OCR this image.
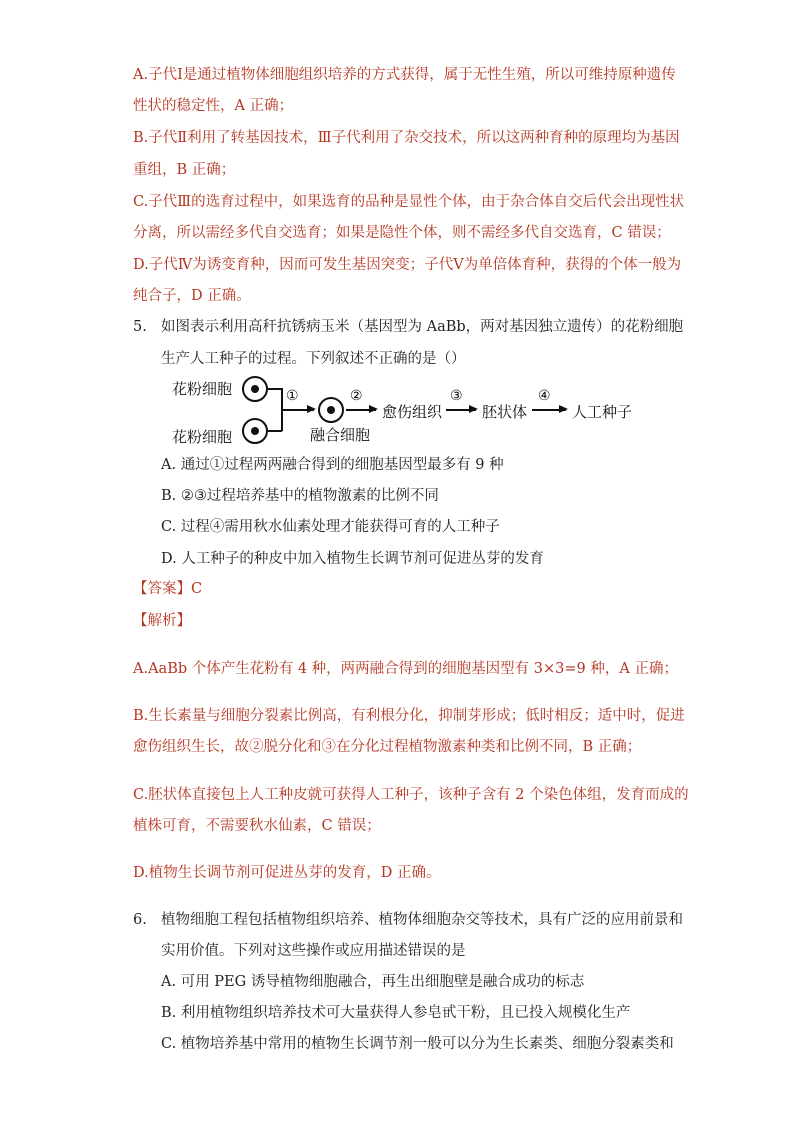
A.子代Ⅰ是通过植物体细胞组织培养的方式获得，属于无性生殖，所以可维持原种遗传
性状的稳定性，A 正确；
B.子代Ⅱ利用了转基因技术，Ⅲ子代利用了杂交技术，所以这两种育种的原理均为基因
重组，B 正确；
C.子代Ⅲ的选育过程中，如果选育的品种是显性个体，由于杂合体自交后代会出现性状
分离，所以需经多代自交选育；如果是隐性个体，则不需经多代自交选育，C 错误；
D.子代Ⅳ为诱变育种，因而可发生基因突变；子代Ⅴ为单倍体育种，获得的个体一般为
纯合子，D 正确。
5. 如图表示利用高秆抗锈病玉米（基因型为 AaBb，两对基因独立遗传）的花粉细胞
生产人工种子的过程。下列叙述不正确的是（）
花粉细胞
花粉细胞
①
融合细胞
②
愈伤组织
③
胚状体
④
人工种子
A. 通过①过程两两融合得到的细胞基因型最多有 9 种
B. ②③过程培养基中的植物激素的比例不同
C. 过程④需用秋水仙素处理才能获得可育的人工种子
D. 人工种子的种皮中加入植物生长调节剂可促进丛芽的发育
【答案】C
【解析】
A.AaBb 个体产生花粉有 4 种，两两融合得到的细胞基因型有 3×3=9 种，A 正确；
B.生长素量与细胞分裂素比例高，有利根分化，抑制芽形成；低时相反；适中时，促进
愈伤组织生长，故②脱分化和③在分化过程植物激素种类和比例不同，B 正确；
C.胚状体直接包上人工种皮就可获得人工种子，该种子含有 2 个染色体组，发育而成的
植株可育，不需要秋水仙素，C 错误；
D.植物生长调节剂可促进丛芽的发育，D 正确。
6. 植物细胞工程包括植物组织培养、植物体细胞杂交等技术，具有广泛的应用前景和
实用价值。下列对这些操作或应用描述错误的是
A. 可用 PEG 诱导植物细胞融合，再生出细胞壁是融合成功的标志
B. 利用植物组织培养技术可大量获得人参皂甙干粉，且已投入规模化生产
C. 植物培养基中常用的植物生长调节剂一般可以分为生长素类、细胞分裂素类和
